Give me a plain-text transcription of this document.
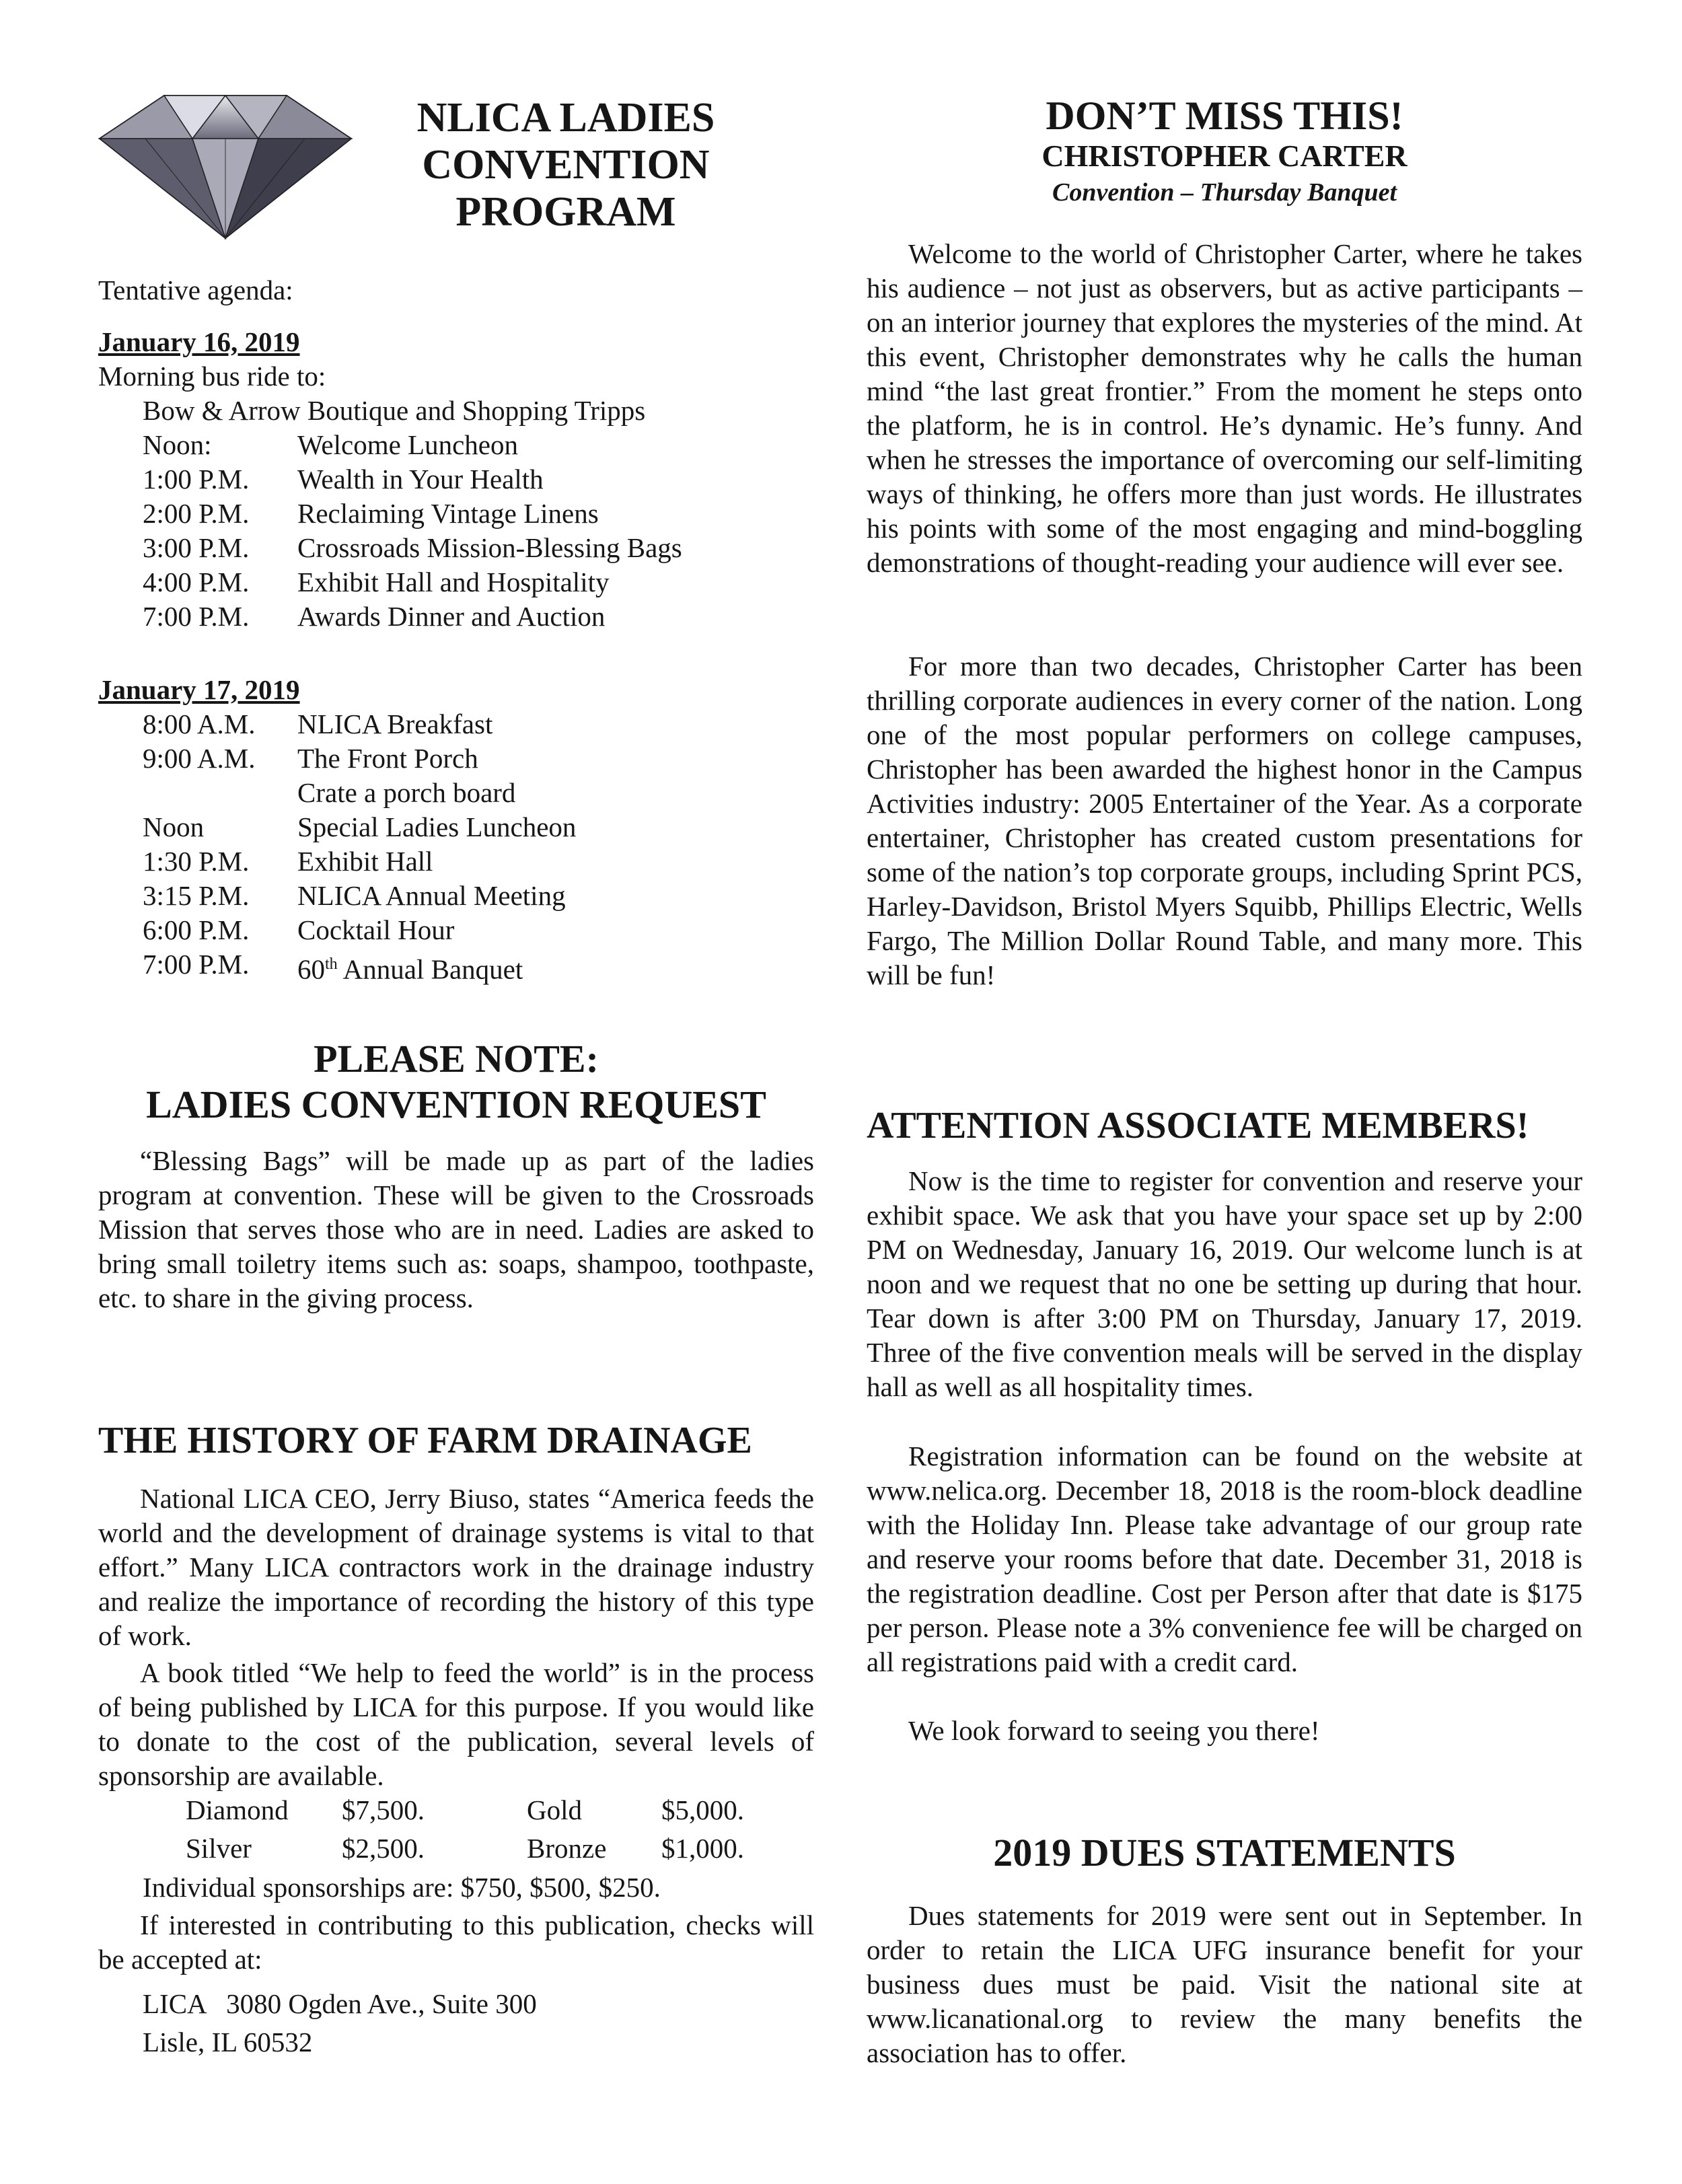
NLICA LADIES
CONVENTION
PROGRAM
Tentative agenda:
January 16, 2019
Morning bus ride to:
Bow & Arrow Boutique and Shopping Tripps
Noon:	Welcome Luncheon
1:00 P.M.	Wealth in Your Health
2:00 P.M.	Reclaiming Vintage Linens
3:00 P.M.	Crossroads Mission-Blessing Bags
4:00 P.M.	Exhibit Hall and Hospitality
7:00 P.M.	Awards Dinner and Auction
January 17, 2019
8:00 A.M.	NLICA Breakfast
9:00 A.M.	The Front Porch
Crate a porch board
Noon	Special Ladies Luncheon
1:30 P.M.	Exhibit Hall
3:15 P.M.	NLICA Annual Meeting
6:00 P.M.	Cocktail Hour
7:00 P.M.	60th Annual Banquet
PLEASE NOTE:
LADIES CONVENTION REQUEST

“Blessing Bags” will be made up as part of the ladies program at convention. These will be given to the Crossroads Mission that serves those who are in need. Ladies are asked to bring small toiletry items such as: soaps, shampoo, toothpaste, etc. to share in the giving process.

THE HISTORY OF FARM DRAINAGE

National LICA CEO, Jerry Biuso, states “America feeds the world and the development of drainage systems is vital to that effort.” Many LICA contractors work in the drainage industry and realize the importance of recording the history of this type of work.

A book titled “We help to feed the world” is in the process of being published by LICA for this purpose. If you would like to donate to the cost of the publication, several levels of sponsorship are available.

Diamond	$7,500.	Gold	$5,000.
Silver	$2,500.	Bronze	$1,000.
Individual sponsorships are: $750, $500, $250.

If interested in contributing to this publication, checks will be accepted at:

LICA   3080 Ogden Ave., Suite 300
Lisle, IL 60532
DON’T MISS THIS!
CHRISTOPHER CARTER
Convention – Thursday Banquet

Welcome to the world of Christopher Carter, where he takes his audience – not just as observers, but as active participants – on an interior journey that explores the mysteries of the mind. At this event, Christopher demonstrates why he calls the human mind “the last great frontier.” From the moment he steps onto the platform, he is in control. He’s dynamic. He’s funny. And when he stresses the importance of overcoming our self-limiting ways of thinking, he offers more than just words. He illustrates his points with some of the most engaging and mind-boggling demonstrations of thought-reading your audience will ever see.

For more than two decades, Christopher Carter has been thrilling corporate audiences in every corner of the nation. Long one of the most popular performers on college campuses, Christopher has been awarded the highest honor in the Campus Activities industry: 2005 Entertainer of the Year. As a corporate entertainer, Christopher has created custom presentations for some of the nation’s top corporate groups, including Sprint PCS, Harley-Davidson, Bristol Myers Squibb, Phillips Electric, Wells Fargo, The Million Dollar Round Table, and many more. This will be fun!

ATTENTION ASSOCIATE MEMBERS!

Now is the time to register for convention and reserve your exhibit space. We ask that you have your space set up by 2:00 PM on Wednesday, January 16, 2019. Our welcome lunch is at noon and we request that no one be setting up during that hour. Tear down is after 3:00 PM on Thursday, January 17, 2019. Three of the five convention meals will be served in the display hall as well as all hospitality times.

Registration information can be found on the website at www.nelica.org. December 18, 2018 is the room-block deadline with the Holiday Inn. Please take advantage of our group rate and reserve your rooms before that date. December 31, 2018 is the registration deadline. Cost per Person after that date is $175 per person. Please note a 3% convenience fee will be charged on all registrations paid with a credit card.

We look forward to seeing you there!

2019 DUES STATEMENTS

Dues statements for 2019 were sent out in September. In order to retain the LICA UFG insurance benefit for your business dues must be paid. Visit the national site at www.licanational.org to review the many benefits the association has to offer.
